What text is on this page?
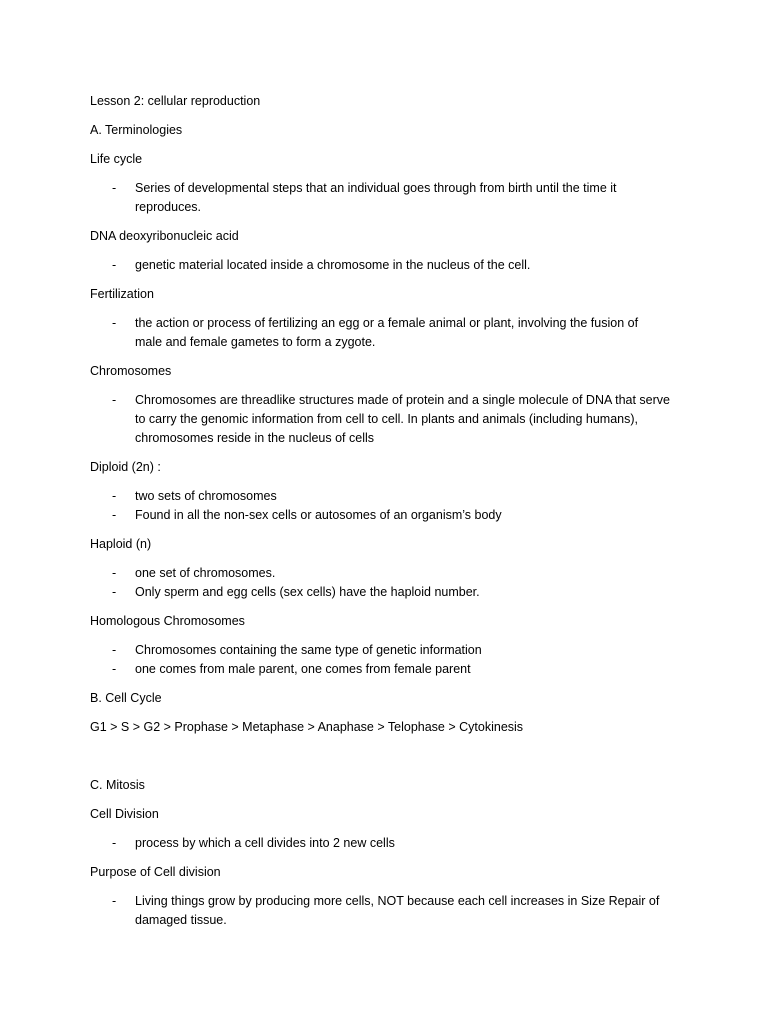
Lesson 2: cellular reproduction
A. Terminologies
Life cycle
- Series of developmental steps that an individual goes through from birth until the time it
reproduces.
DNA deoxyribonucleic acid
- genetic material located inside a chromosome in the nucleus of the cell.
Fertilization
- the action or process of fertilizing an egg or a female animal or plant, involving the fusion of
male and female gametes to form a zygote.
Chromosomes
- Chromosomes are threadlike structures made of protein and a single molecule of DNA that serve
to carry the genomic information from cell to cell. In plants and animals (including humans),
chromosomes reside in the nucleus of cells
Diploid (2n) :
- two sets of chromosomes
- Found in all the non-sex cells or autosomes of an organism’s body
Haploid (n)
- one set of chromosomes.
- Only sperm and egg cells (sex cells) have the haploid number.
Homologous Chromosomes
- Chromosomes containing the same type of genetic information
- one comes from male parent, one comes from female parent
B. Cell Cycle
G1 > S > G2 > Prophase > Metaphase > Anaphase > Telophase > Cytokinesis
C. Mitosis
Cell Division
- process by which a cell divides into 2 new cells
Purpose of Cell division
- Living things grow by producing more cells, NOT because each cell increases in Size Repair of
damaged tissue.
